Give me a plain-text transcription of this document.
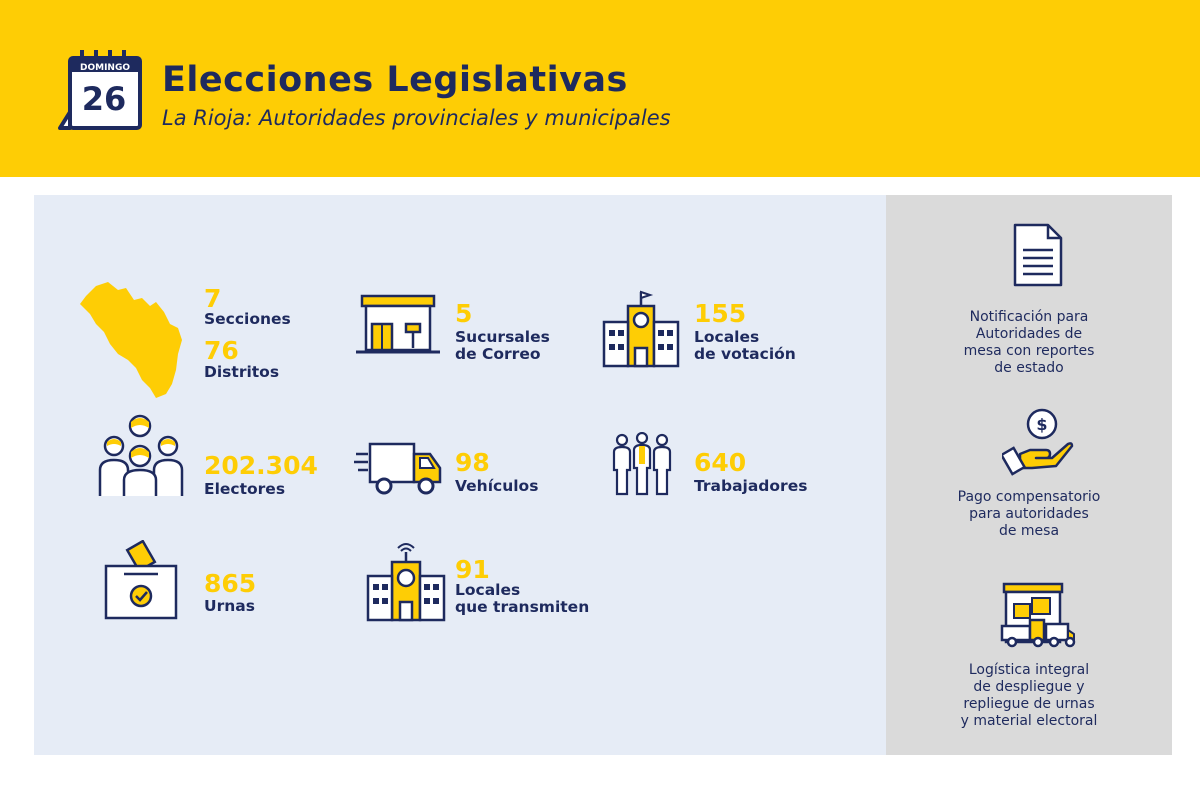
DOMINGO
26 Elecciones Legislativas
La Rioja: Autoridades provinciales y municipales
7
Secciones
76
Distritos
5
Sucursales
de Correo
155
Locales
de votación
202.304
Electores
98
Vehículos
640
Trabajadores
865
Urnas
91
Locales
que transmiten
Notificación para
Autoridades de
mesa con reportes
de estado
$
Pago compensatorio
para autoridades
de mesa
Logística integral
de despliegue y
repliegue de urnas
y material electoral
